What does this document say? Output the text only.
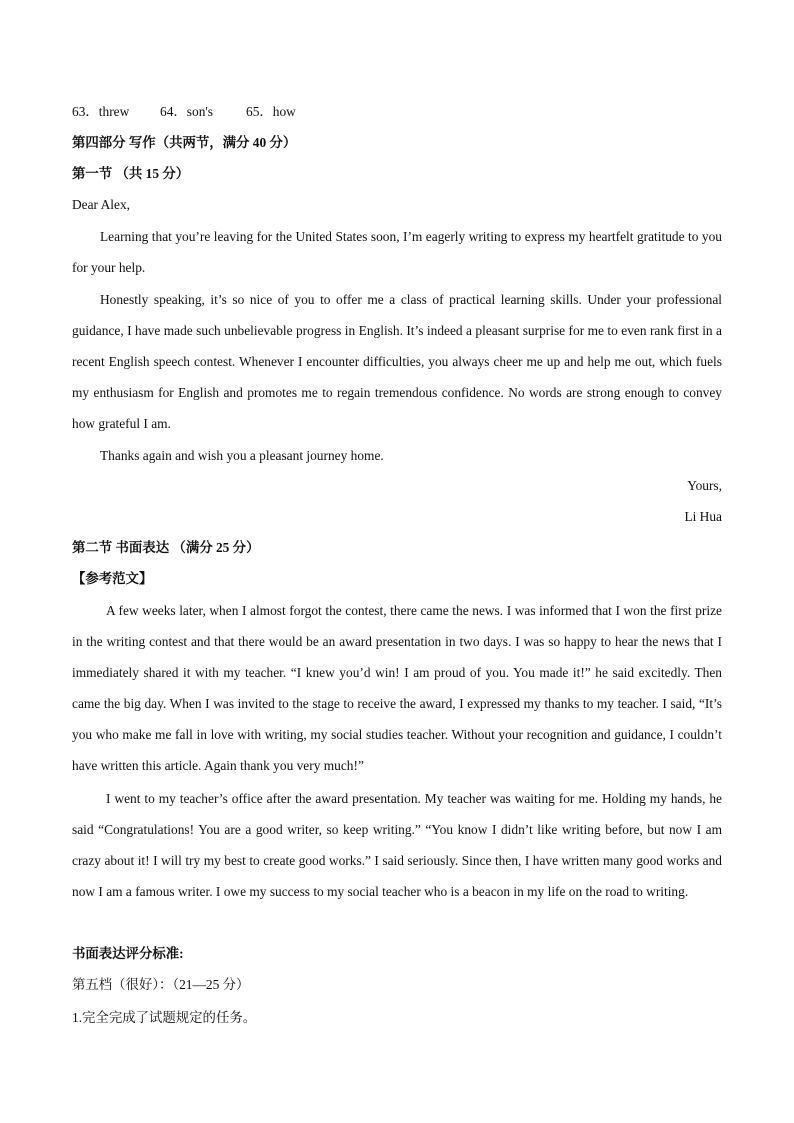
63．threw 64．son's 65．how
第四部分 写作（共两节，满分 40 分）
第一节 （共 15 分）
Dear Alex,

Learning that you’re leaving for the United States soon, I’m eagerly writing to express my heartfelt gratitude to you for your help.

Honestly speaking, it’s so nice of you to offer me a class of practical learning skills. Under your professional guidance, I have made such unbelievable progress in English. It’s indeed a pleasant surprise for me to even rank first in a recent English speech contest. Whenever I encounter difficulties, you always cheer me up and help me out, which fuels my enthusiasm for English and promotes me to regain tremendous confidence. No words are strong enough to convey how grateful I am.

Thanks again and wish you a pleasant journey home.

Yours,
Li Hua
第二节 书面表达 （满分 25 分）
【参考范文】

A few weeks later, when I almost forgot the contest, there came the news. I was informed that I won the first prize in the writing contest and that there would be an award presentation in two days. I was so happy to hear the news that I immediately shared it with my teacher. “I knew you’d win! I am proud of you. You made it!” he said excitedly. Then came the big day. When I was invited to the stage to receive the award, I expressed my thanks to my teacher. I said, “It’s you who make me fall in love with writing, my social studies teacher. Without your recognition and guidance, I couldn’t have written this article. Again thank you very much!”

I went to my teacher’s office after the award presentation. My teacher was waiting for me. Holding my hands, he said “Congratulations! You are a good writer, so keep writing.” “You know I didn’t like writing before, but now I am crazy about it! I will try my best to create good works.” I said seriously. Since then, I have written many good works and now I am a famous writer. I owe my success to my social teacher who is a beacon in my life on the road to writing.

书面表达评分标准:
第五档（很好）：（21—25 分）
1.完全完成了试题规定的任务。
